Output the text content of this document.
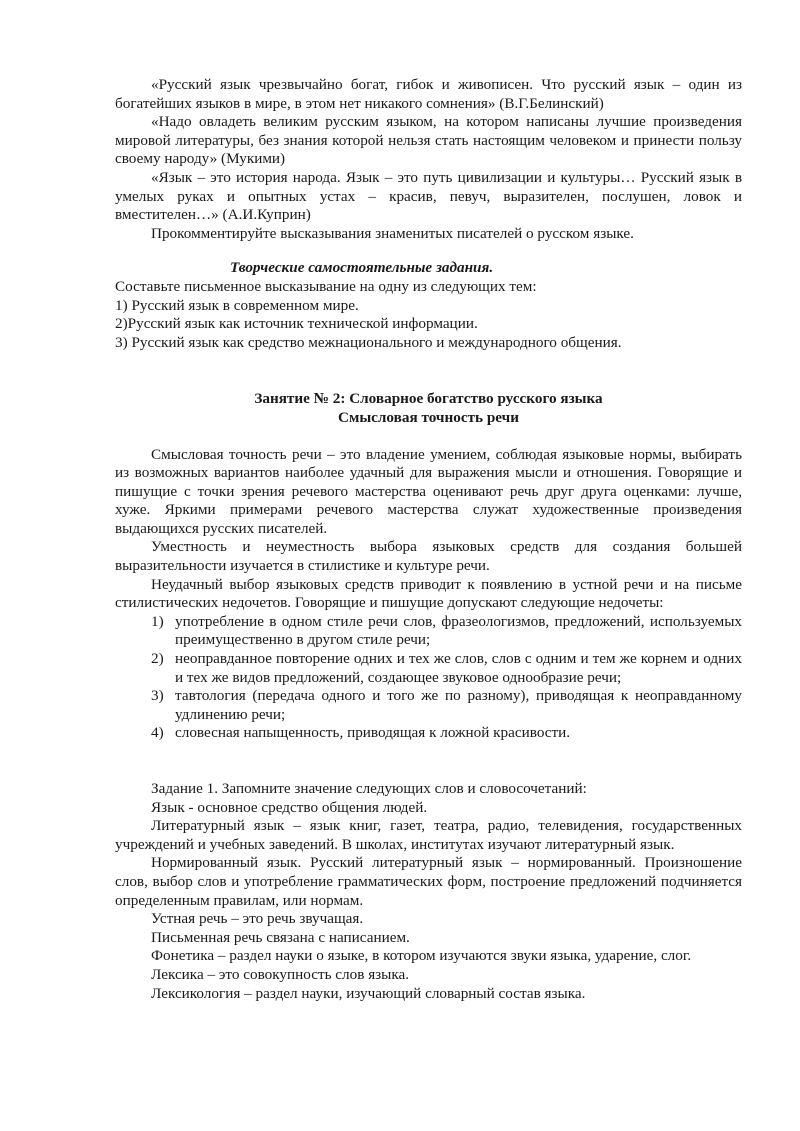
«Русский язык чрезвычайно богат, гибок и живописен. Что русский язык – один из богатейших языков в мире, в этом нет никакого сомнения» (В.Г.Белинский)

«Надо овладеть великим русским языком, на котором написаны лучшие произведения мировой литературы, без знания которой нельзя стать настоящим человеком и принести пользу своему народу» (Мукими)

«Язык – это история народа. Язык – это путь цивилизации и культуры… Русский язык в умелых руках и опытных устах – красив, певуч, выразителен, послушен, ловок и вместителен…» (А.И.Куприн)

Прокомментируйте высказывания знаменитых писателей о русском языке.

Творческие самостоятельные задания.

Составьте письменное высказывание на одну из следующих тем:

1) Русский язык в современном мире.

2)Русский язык как источник технической информации.

3) Русский язык как средство межнационального и международного общения.

Занятие № 2: Словарное богатство русского языка

Смысловая точность речи

Смысловая точность речи – это владение умением, соблюдая языковые нормы, выбирать из возможных вариантов наиболее удачный для выражения мысли и отношения. Говорящие и пишущие с точки зрения речевого мастерства оценивают речь друг друга оценками: лучше, хуже. Яркими примерами речевого мастерства служат художественные произведения выдающихся русских писателей.

Уместность и неуместность выбора языковых средств для создания большей выразительности изучается в стилистике и культуре речи.

Неудачный выбор языковых средств приводит к появлению в устной речи и на письме стилистических недочетов. Говорящие и пишущие допускают следующие недочеты:

1) употребление в одном стиле речи слов, фразеологизмов, предложений, используемых преимущественно в другом стиле речи;
2) неоправданное повторение одних и тех же слов, слов с одним и тем же корнем и одних и тех же видов предложений, создающее звуковое однообразие речи;
3) тавтология (передача одного и того же по разному), приводящая к неоправданному удлинению речи;
4) словесная напыщенность, приводящая к ложной красивости.

Задание 1. Запомните значение следующих слов и словосочетаний:

Язык - основное средство общения людей.

Литературный язык – язык книг, газет, театра, радио, телевидения, государственных учреждений и учебных заведений. В школах, институтах изучают литературный язык.

Нормированный язык. Русский литературный язык – нормированный. Произношение слов, выбор слов и употребление грамматических форм, построение предложений подчиняется определенным правилам, или нормам.

Устная речь – это речь звучащая.

Письменная речь связана с написанием.

Фонетика – раздел науки о языке, в котором изучаются звуки языка, ударение, слог.

Лексика – это совокупность слов языка.

Лексикология – раздел науки, изучающий словарный состав языка.
